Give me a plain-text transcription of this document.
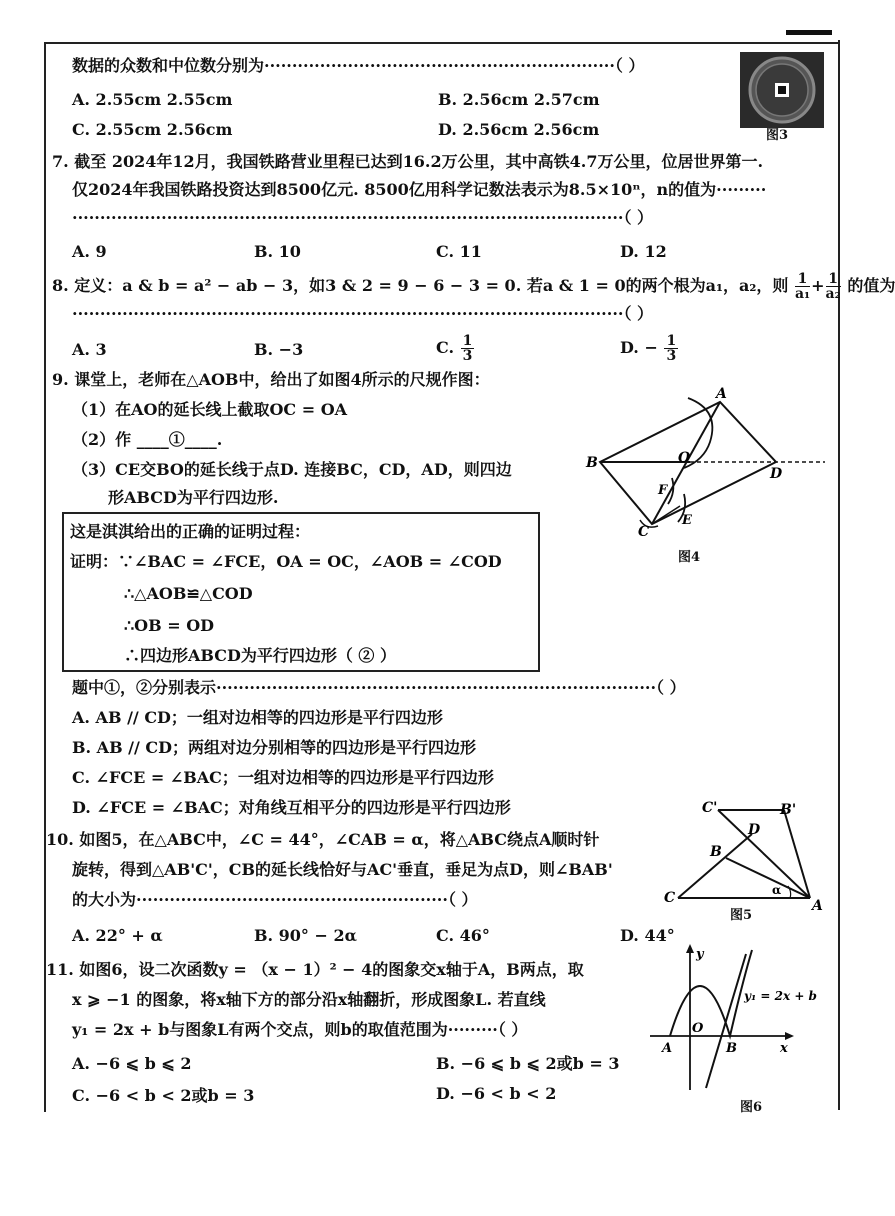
数据的众数和中位数分别为·······························································（ ）
A. 2.55cm 2.55cm	B. 2.56cm 2.57cm
C. 2.55cm 2.56cm	D. 2.56cm 2.56cm	图3
7. 截至 2024年12月，我国铁路营业里程已达到16.2万公里，其中高铁4.7万公里，位居世界第一.
仅2024年我国铁路投资达到8500亿元. 8500亿用科学记数法表示为8.5×10ⁿ，n的值为·········
···································································································（ ）
A. 9	B. 10	C. 11	D. 12
8. 定义：a & b = a² − ab − 3，如3 & 2 = 9 − 6 − 3 = 0. 若a & 1 = 0的两个根为a₁，a₂，则 $\frac{1}{\text{a₁}} + \frac{1}{\text{a₂}}$ 的值为
···································································································（ ）
A. 3	B. −3	C. $\frac{1}{3}$	D. − $\frac{1}{3}$
9. 课堂上，老师在△AOB中，给出了如图4所示的尺规作图：
（1）在AO的延长线上截取OC = OA
（2）作 ____①____.
（3）CE交BO的延长线于点D. 连接BC，CD，AD，则四边
形ABCD为平行四边形.
这是淇淇给出的正确的证明过程：
证明：∵∠BAC = ∠FCE，OA = OC，∠AOB = ∠COD
∴△AOB≌△COD
∴OB = OD
∴四边形ABCD为平行四边形（ ② ）
题中①，②分别表示···············································································（ ）
A. AB // CD；一组对边相等的四边形是平行四边形
B. AB // CD；两组对边分别相等的四边形是平行四边形
C. ∠FCE = ∠BAC；一组对边相等的四边形是平行四边形
D. ∠FCE = ∠BAC；对角线互相平分的四边形是平行四边形
A
B	O
D
F
C
E
图4
10. 如图5，在△ABC中，∠C = 44°，∠CAB = α，将△ABC绕点A顺时针
旋转，得到△AB'C'，CB的延长线恰好与AC'垂直，垂足为点D，则∠BAB'
的大小为························································（ ）
A. 22° + α	B. 90° − 2α	C. 46°	D. 44°
C'	B'
D
B
C	A
α
图5
11. 如图6，设二次函数y = （x − 1）² − 4的图象交x轴于A，B两点，取
x ⩾ −1 的图象，将x轴下方的部分沿x轴翻折，形成图象L. 若直线
y₁ = 2x + b与图象L有两个交点，则b的取值范围为·········（ ）
A. −6 ⩽ b ⩽ 2	B. −6 ⩽ b ⩽ 2或b = 3
C. −6 < b < 2或b = 3	D. −6 < b < 2
y
x
O
A	B
y₁ = 2x + b
图6
